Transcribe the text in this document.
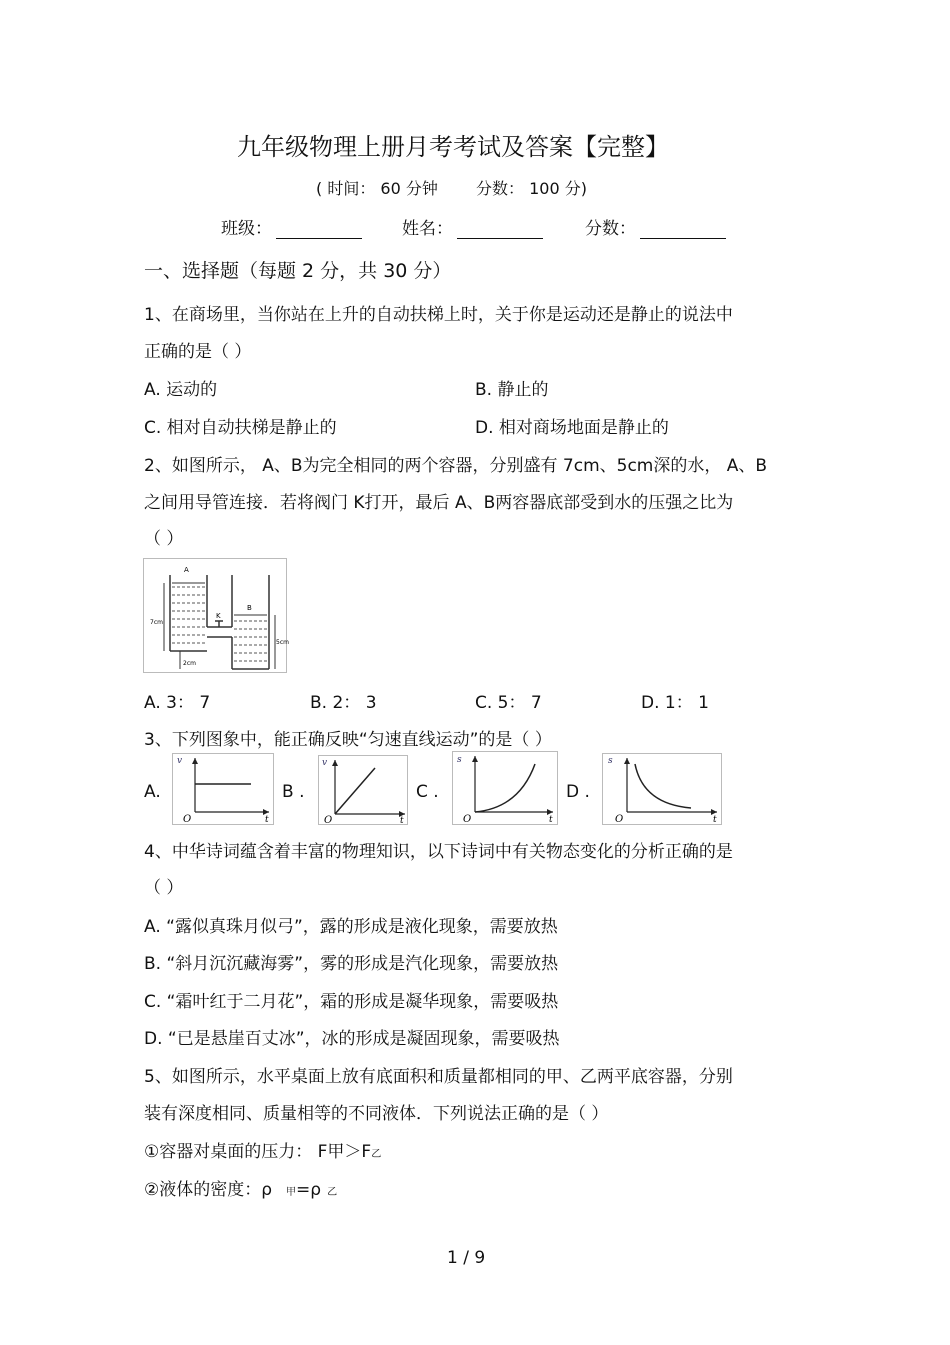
九年级物理上册月考考试及答案【完整】
( 时间： 60 分钟 分数： 100 分)
班级：	姓名：	分数：
一、选择题（每题 2 分，共 30 分）
1、在商场里，当你站在上升的自动扶梯上时，关于你是运动还是静止的说法中
正确的是（ ）
A. 运动的	B. 静止的
C. 相对自动扶梯是静止的	D. 相对商场地面是静止的
2、如图所示， A、B为完全相同的两个容器，分别盛有 7cm、5cm深的水， A、B
之间用导管连接．若将阀门 K打开，最后 A、B两容器底部受到水的压强之比为
（ ）
A
B
K
7cm
5cm
2cm
A. 3： 7	B. 2： 3	C. 5： 7	D. 1： 1
3、下列图象中，能正确反映“匀速直线运动”的是（ ）
A.
v
t
O
B .
v
t
O
C .
s
t
O
D .
s
t
O
4、中华诗词蕴含着丰富的物理知识，以下诗词中有关物态变化的分析正确的是
（ ）
A. “露似真珠月似弓”，露的形成是液化现象，需要放热
B. “斜月沉沉藏海雾”，雾的形成是汽化现象，需要放热
C. “霜叶红于二月花”，霜的形成是凝华现象，需要吸热
D. “已是悬崖百丈冰”，冰的形成是凝固现象，需要吸热
5、如图所示，水平桌面上放有底面积和质量都相同的甲、乙两平底容器，分别
装有深度相同、质量相等的不同液体．下列说法正确的是（ ）
①容器对桌面的压力： F甲＞F乙
②液体的密度：ρ 甲=ρ 乙
1 / 9
